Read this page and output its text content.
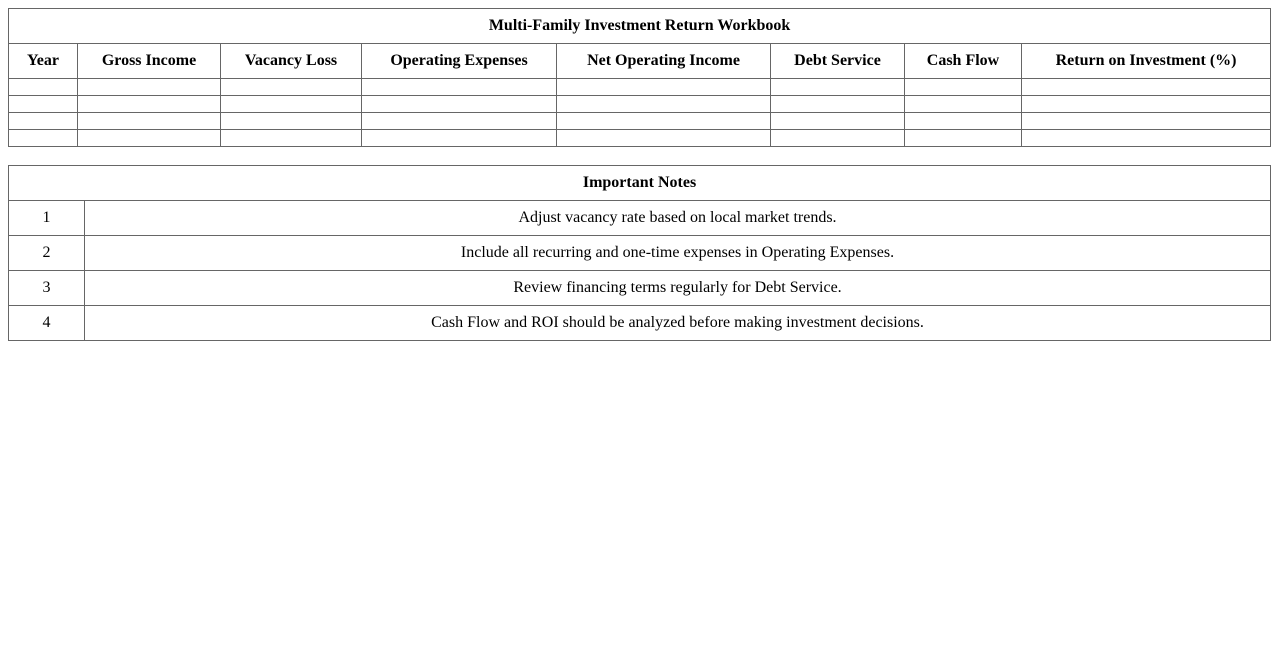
Multi-Family Investment Return Workbook							
Year	Gross Income	Vacancy Loss	Operating Expenses	Net Operating Income	Debt Service	Cash Flow	Return on Investment (%)

Important Notes	
1	Adjust vacancy rate based on local market trends.
2	Include all recurring and one-time expenses in Operating Expenses.
3	Review financing terms regularly for Debt Service.
4	Cash Flow and ROI should be analyzed before making investment decisions.
